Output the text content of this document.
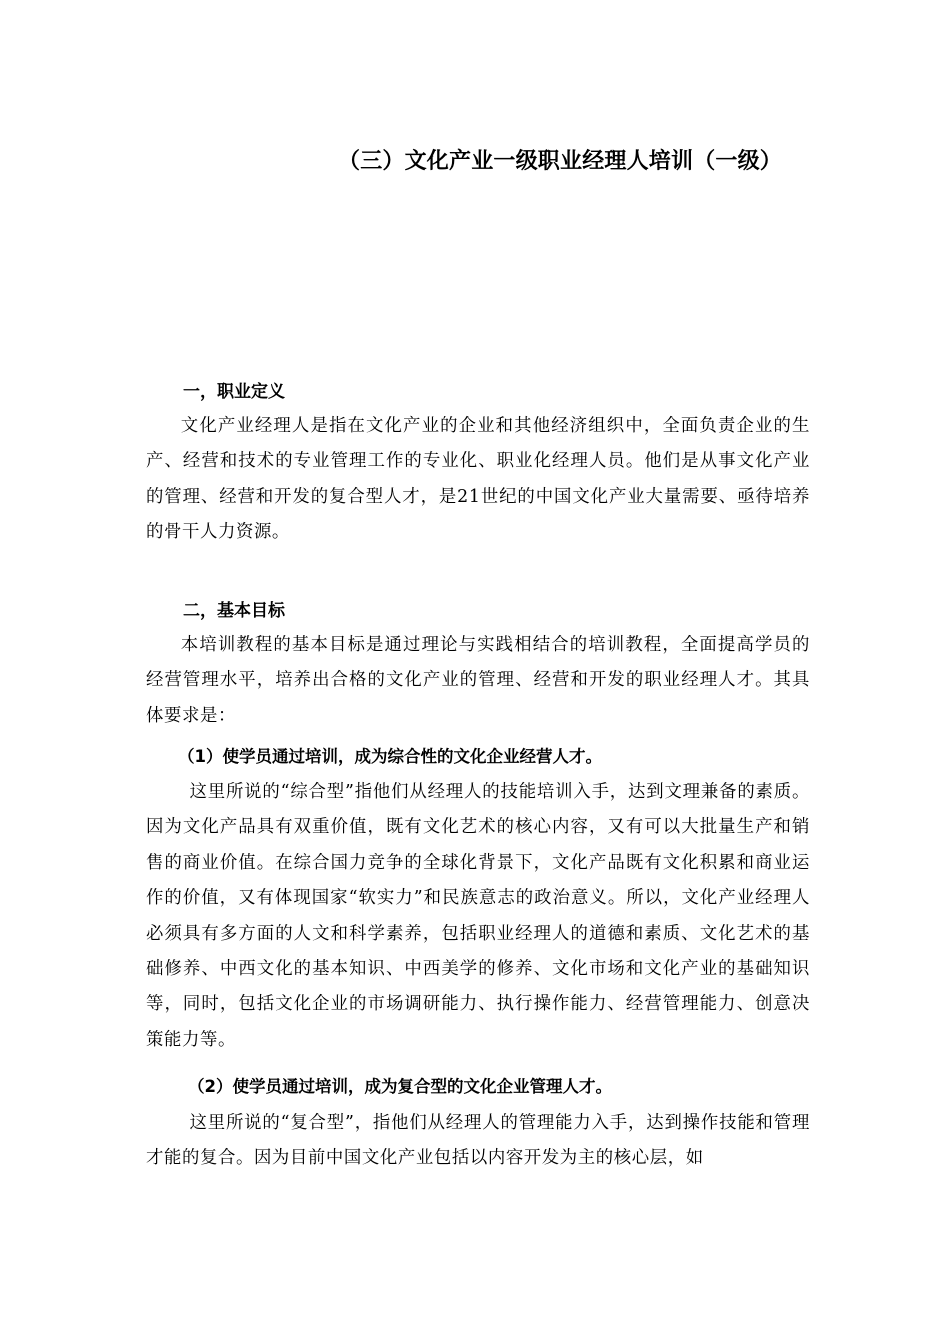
（三）文化产业一级职业经理人培训（一级）
一，职业定义

文化产业经理人是指在文化产业的企业和其他经济组织中，全面负责企业的生产、经营和技术的专业管理工作的专业化、职业化经理人员。他们是从事文化产业的管理、经营和开发的复合型人才，是21世纪的中国文化产业大量需要、亟待培养的骨干人力资源。

二，基本目标

本培训教程的基本目标是通过理论与实践相结合的培训教程，全面提高学员的经营管理水平，培养出合格的文化产业的管理、经营和开发的职业经理人才。其具体要求是：

（1）使学员通过培训，成为综合性的文化企业经营人才。

这里所说的“综合型”指他们从经理人的技能培训入手，达到文理兼备的素质。因为文化产品具有双重价值，既有文化艺术的核心内容，又有可以大批量生产和销售的商业价值。在综合国力竞争的全球化背景下，文化产品既有文化积累和商业运作的价值，又有体现国家“软实力”和民族意志的政治意义。所以，文化产业经理人必须具有多方面的人文和科学素养，包括职业经理人的道德和素质、文化艺术的基础修养、中西文化的基本知识、中西美学的修养、文化市场和文化产业的基础知识等，同时，包括文化企业的市场调研能力、执行操作能力、经营管理能力、创意决策能力等。

（2）使学员通过培训，成为复合型的文化企业管理人才。

这里所说的“复合型”，指他们从经理人的管理能力入手，达到操作技能和管理才能的复合。因为目前中国文化产业包括以内容开发为主的核心层，如
